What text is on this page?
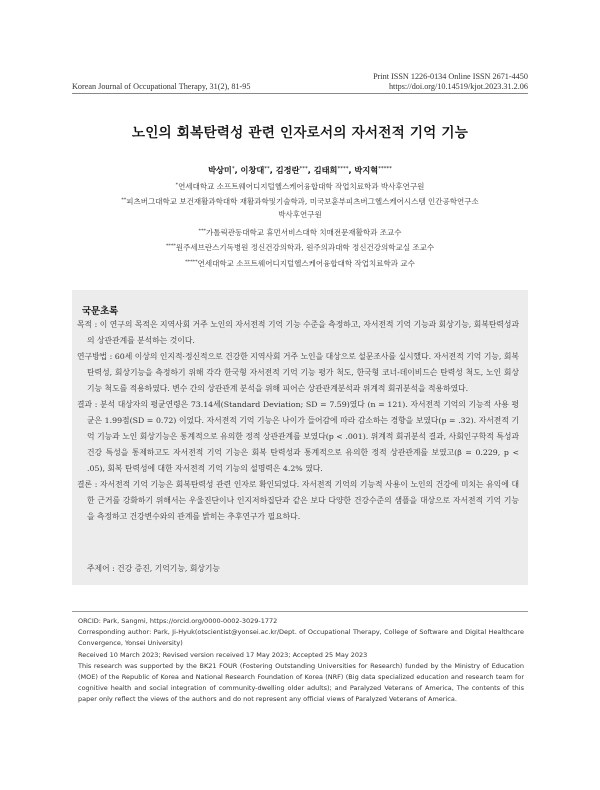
Print ISSN 1226-0134 Online ISSN 2671-4450
https://doi.org/10.14519/kjot.2023.31.2.06
Korean Journal of Occupational Therapy, 31(2), 81-95
노인의 회복탄력성 관련 인자로서의 자서전적 기억 기능
박상미*, 이창대**, 김정란***, 김태희****, 박지혁*****
*연세대학교 소프트웨어디지털헬스케어융합대학 작업치료학과 박사후연구원
**피츠버그대학교 보건재활과학대학 재활과학및기술학과, 미국보훈부피츠버그헬스케어시스템 인간공학연구소
박사후연구원
***가톨릭관동대학교 휴먼서비스대학 치매전문재활학과 조교수
****원주세브란스기독병원 정신건강의학과, 원주의과대학 정신건강의학교실 조교수
*****연세대학교 소프트웨어디지털헬스케어융합대학 작업치료학과 교수
국문초록

목적 : 이 연구의 목적은 지역사회 거주 노인의 자서전적 기억 기능 수준을 측정하고, 자서전적 기억 기능과 회상기능, 회복탄력성과의 상관관계를 분석하는 것이다.

연구방법 : 60세 이상의 인지적·정신적으로 건강한 지역사회 거주 노인을 대상으로 설문조사를 실시했다. 자서전적 기억 기능, 회복탄력성, 회상기능을 측정하기 위해 각각 한국형 자서전적 기억 기능 평가 척도, 한국형 코너-데이비드슨 탄력성 척도, 노인 회상기능 척도를 적용하였다. 변수 간의 상관관계 분석을 위해 피어슨 상관관계분석과 위계적 회귀분석을 적용하였다.

결과 : 분석 대상자의 평균연령은 73.14세(Standard Deviation; SD = 7.59)였다 (n = 121). 자서전적 기억의 기능적 사용 평균은 1.99점(SD = 0.72) 이었다. 자서전적 기억 기능은 나이가 들어감에 따라 감소하는 경향을 보였다(p = .32). 자서전적 기억 기능과 노인 회상기능은 통계적으로 유의한 정적 상관관계를 보였다(p < .001). 위계적 회귀분석 결과, 사회인구학적 특성과 건강 특성을 통제하고도 자서전적 기억 기능은 회복 탄력성과 통계적으로 유의한 정적 상관관계를 보였고(β = 0.229, p < .05), 회복 탄력성에 대한 자서전적 기억 기능의 설명력은 4.2% 였다.

결론 : 자서전적 기억 기능은 회복탄력성 관련 인자로 확인되었다. 자서전적 기억의 기능적 사용이 노인의 건강에 미치는 유익에 대한 근거를 강화하기 위해서는 우울진단이나 인지저하집단과 같은 보다 다양한 건강수준의 샘플을 대상으로 자서전적 기억 기능을 측정하고 건강변수와의 관계를 밝히는 추후연구가 필요하다.

주제어 : 건강 증진, 기억기능, 회상기능

ORCID: Park, Sangmi, https://orcid.org/0000-0002-3029-1772

Corresponding author: Park, Ji-Hyuk(otscientist@yonsei.ac.kr/Dept. of Occupational Therapy, College of Software and Digital Healthcare Convergence, Yonsei University)

Received 10 March 2023; Revised version received 17 May 2023; Accepted 25 May 2023

This research was supported by the BK21 FOUR (Fostering Outstanding Universities for Research) funded by the Ministry of Education (MOE) of the Republic of Korea and National Research Foundation of Korea (NRF) (Big data specialized education and research team for cognitive health and social integration of community-dwelling older adults); and Paralyzed Veterans of America, The contents of this paper only reflect the views of the authors and do not represent any official views of Paralyzed Veterans of America.
